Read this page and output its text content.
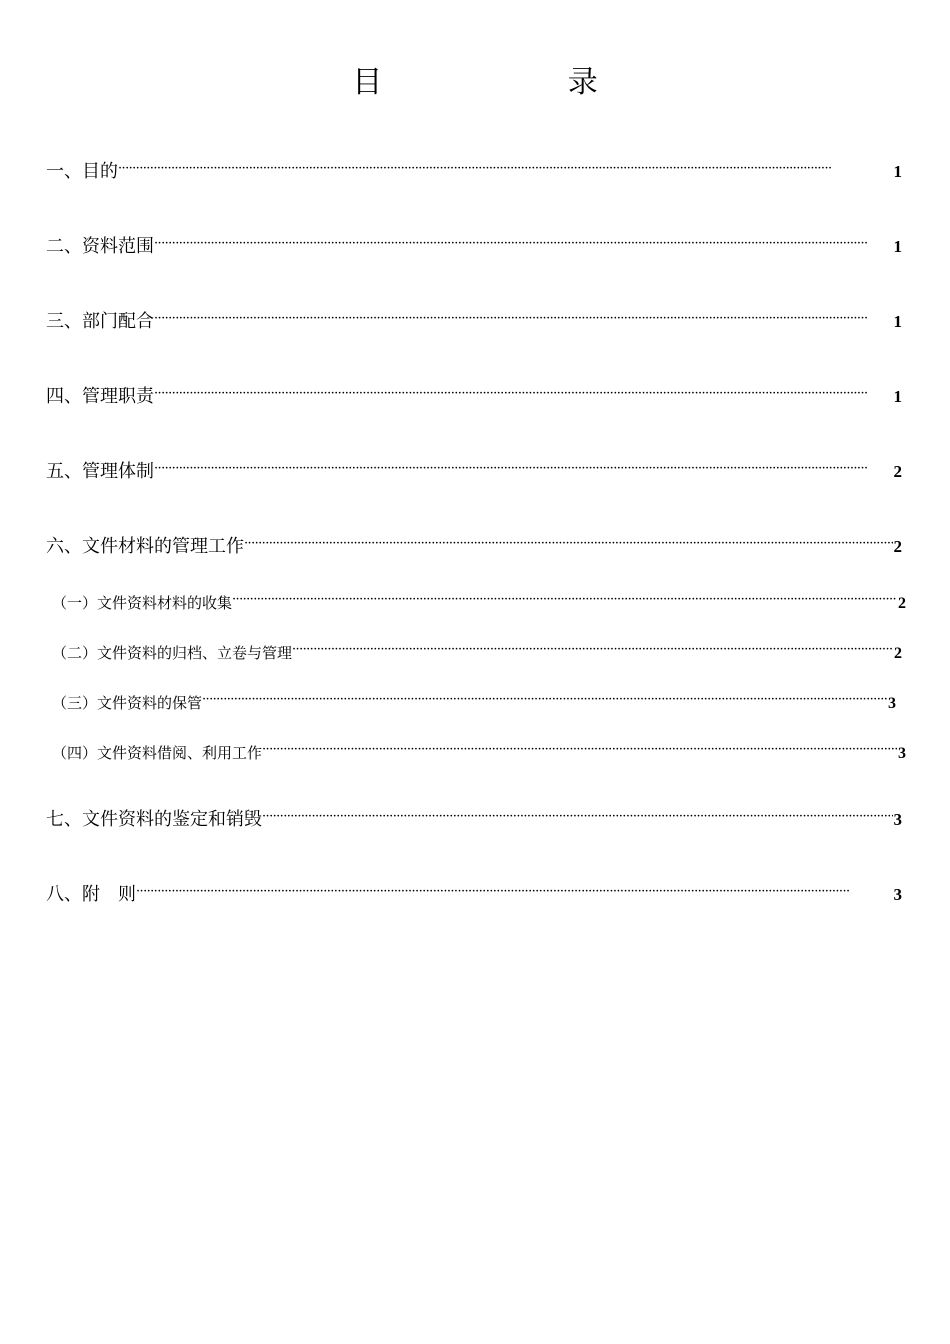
目 录
一、目的 ·····	1
二、资料范围 ·····	1
三、部门配合 ·····	1
四、管理职责 ·····	1
五、管理体制 ·····	2
六、文件材料的管理工作 ·····	2
（一）文件资料材料的收集 ·····	2
（二）文件资料的归档、立卷与管理 ·····	2
（三）文件资料的保管 ·····	3
（四）文件资料借阅、利用工作 ·····	3
七、文件资料的鉴定和销毁 ·····	3
八、附　则 ·····	3
